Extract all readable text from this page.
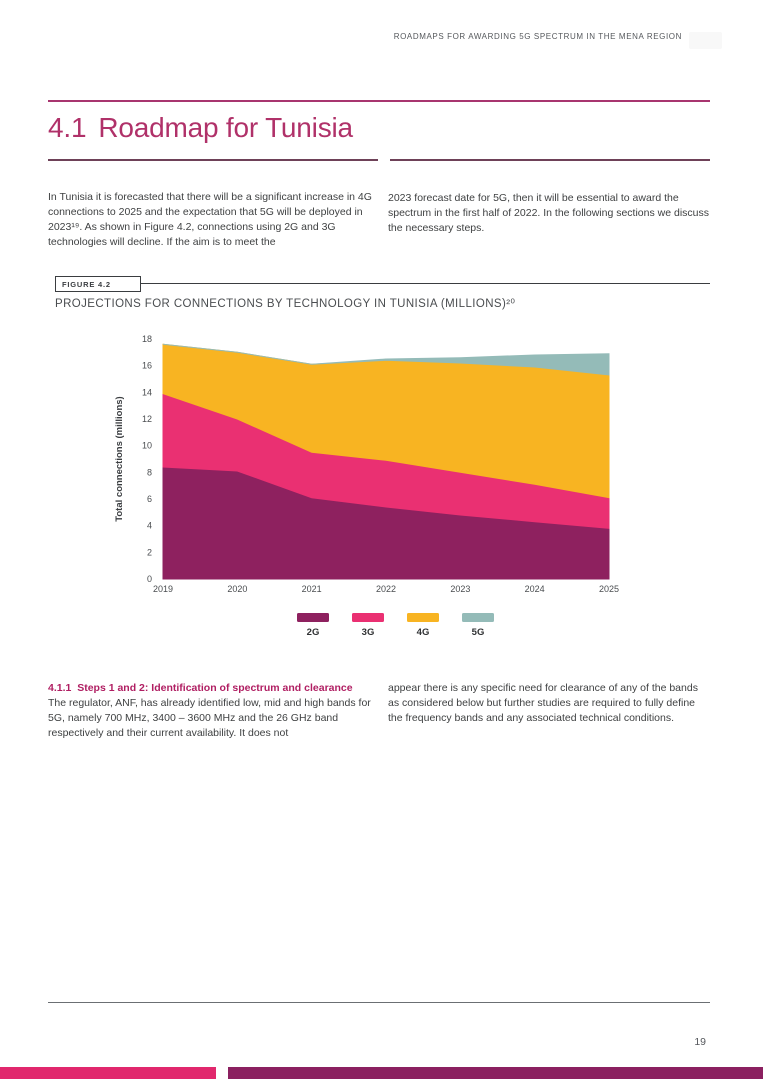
ROADMAPS FOR AWARDING 5G SPECTRUM IN THE MENA REGION
4.1 Roadmap for Tunisia

In Tunisia it is forecasted that there will be a significant increase in 4G connections to 2025 and the expectation that 5G will be deployed in 2023¹⁹. As shown in Figure 4.2, connections using 2G and 3G technologies will decline. If the aim is to meet the

2023 forecast date for 5G, then it will be essential to award the spectrum in the first half of 2022. In the following sections we discuss the necessary steps.

FIGURE 4.2
PROJECTIONS FOR CONNECTIONS BY TECHNOLOGY IN TUNISIA (MILLIONS)²⁰
0
2
4
6
8
10
12
14
16
18
2019	2020	2021	2022	2023	2024	2025
Total connections (millions)
2G	3G	4G	5G
4.1.1  Steps 1 and 2: Identification of spectrum and clearance

The regulator, ANF, has already identified low, mid and high bands for 5G, namely 700 MHz, 3400 – 3600 MHz and the 26 GHz band respectively and their current availability. It does not

appear there is any specific need for clearance of any of the bands as considered below but further studies are required to fully define the frequency bands and any associated technical conditions.

19
